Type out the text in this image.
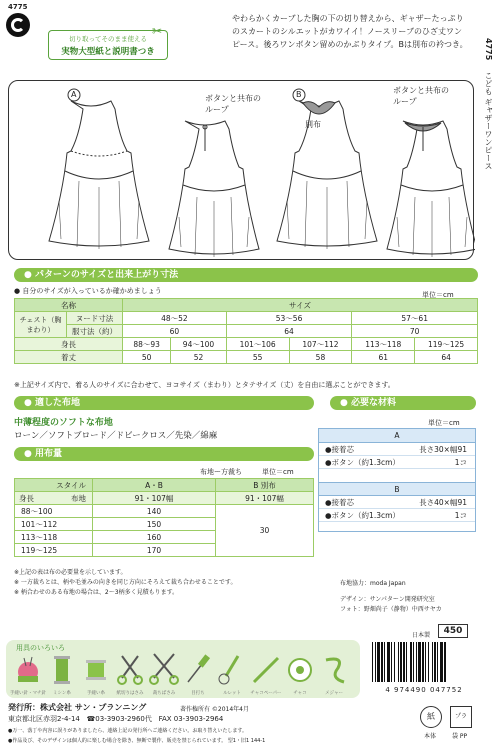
4775
切り取ってそのまま使える
実物大型紙と説明書つき
✂
やわらかくカーブした胸の下の切り替えから、ギャザーたっぷりのスカートのシルエットがカワイイ！ノースリーブのひざ丈ワンピース。後ろワンボタン留めのかぶりタイプ。Bは別布の衿つき。	4775  こども ギャザーワンピース
A	B
ボタンと共布のループ
ボタンと共布のループ
別布
● パターンのサイズと出来上がり寸法
● 自分のサイズが入っているか確かめましょう	単位＝cm
名称		サイズ					
チェスト（胸まわり）	ヌード寸法	48〜52		53〜56		57〜61	
	服寸法（約）	60		64		70	
身長		88〜93	94〜100	101〜106	107〜112	113〜118	119〜125
着丈		50	52	55	58	61	64
※上記サイズ内で、着る人のサイズに合わせて、ヨコサイズ（まわり）とタテサイズ（丈）を自由に選ぶことができます。
● 適した布地
中薄程度のソフトな布地
ローン／ソフトブロード／ドビークロス／先染／綿麻
● 用布量
布地ー方裁ち	単位＝cm
スタイル	A・B	B 別布

身長 布地	91・107幅	91・107幅
88〜100	140	30
101〜112	150	
113〜118	160	
119〜125	170	
※上記の表は布の必要量を示しています。
※ 一方裁ちとは、柄や毛並みの向きを同じ方向にそろえて裁ち合わせることです。
※ 柄合わせのある布地の場合は、2〜3柄多く見積もります。
● 必要な材料
単位＝cm
A
●接着芯	長さ30×幅91
●ボタン（約1.3cm）	1コ
B
●接着芯	長さ40×幅91
●ボタン（約1.3cm）	1コ
布地協力：moda Japan
デザイン：サンパターン開発研究室
フォト：野畑尚子（静物）中西サヤカ
日本製	450
用具のいろいろ
手縫い針・マチ針	ミシン糸	手縫い糸	紙切りはさみ	裁ちばさみ	目打ち	ルレット	チャコペーパー	チャコ	メジャー	4 974490 047752
発行所：株式会社 サン・プランニング	著作権所有 ©2014年4月
東京都北区赤羽2-4-14 ☎03-3903-2960代 FAX 03-3903-2964
●万一、落丁や内容に誤りがありましたら、連絡上記の発行所へご連絡ください。お取り替えいたします。
●作品及び、そのデザインは個人的に楽しむ場合を除き、無断で製作、販売を禁じられています。 型1・旧1 144-1
紙
本体
プラ
袋 PP
